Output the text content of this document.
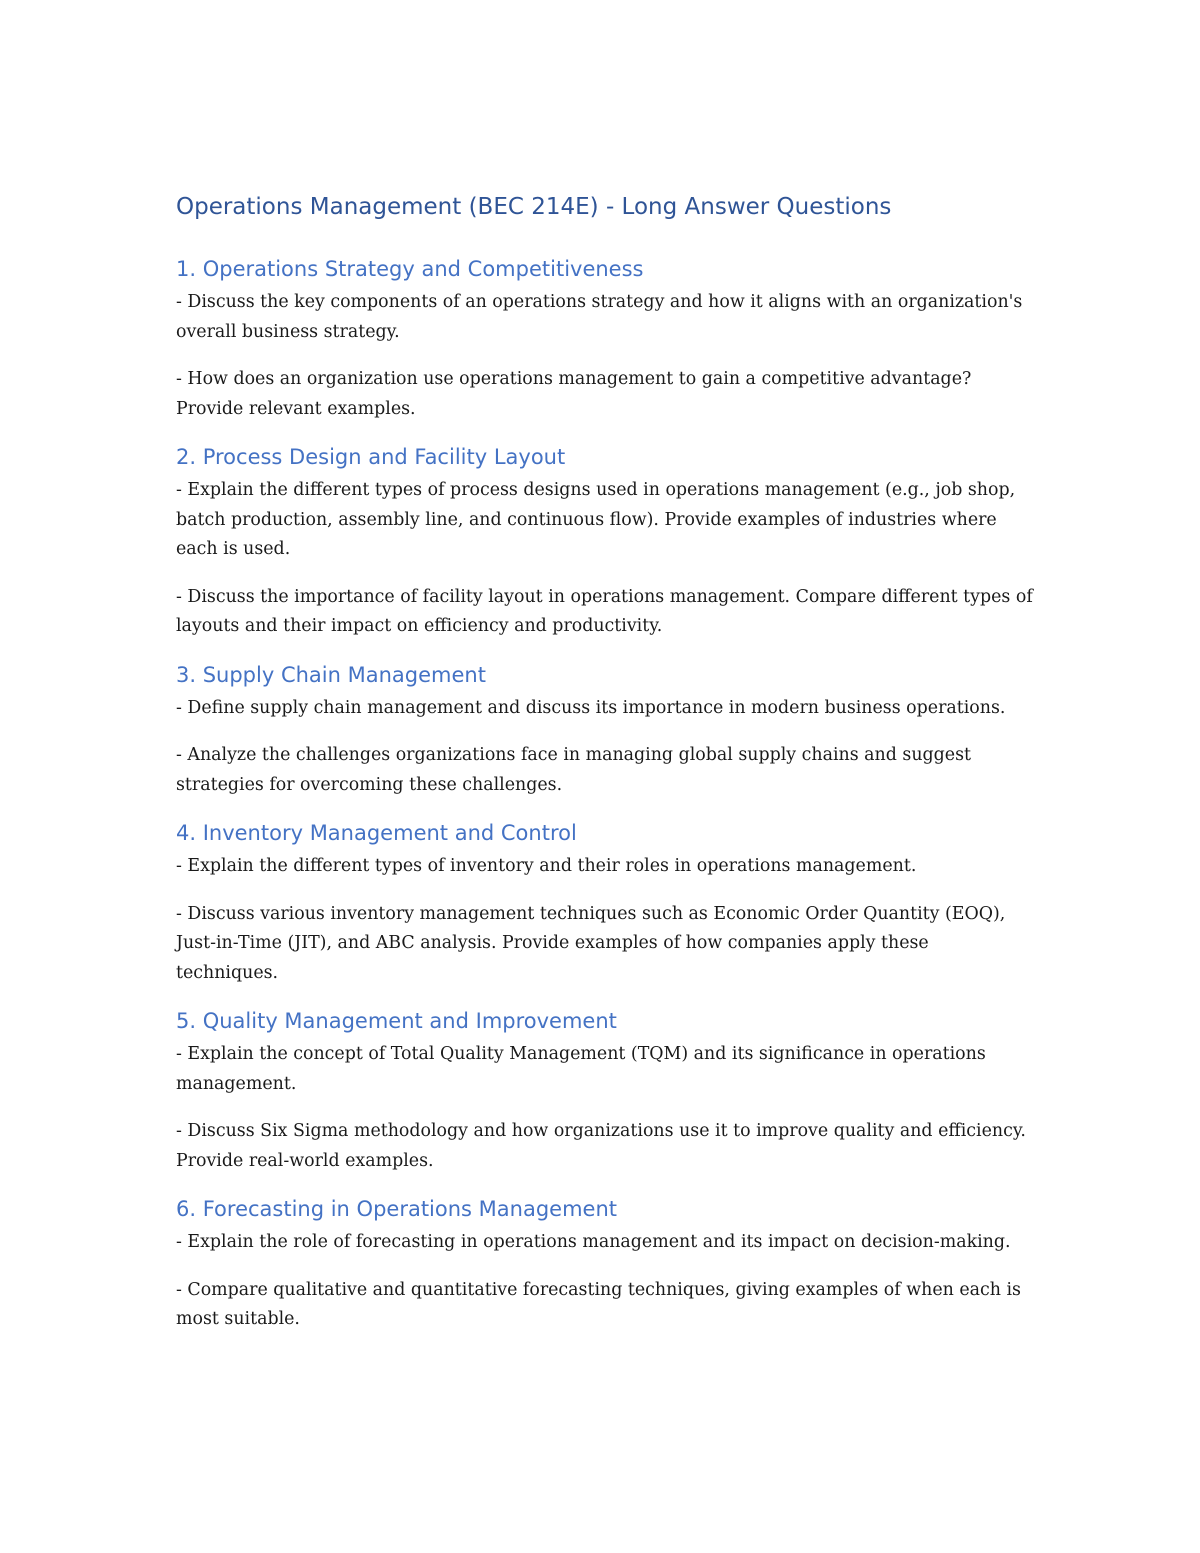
Operations Management (BEC 214E) - Long Answer Questions
1. Operations Strategy and Competitiveness

- Discuss the key components of an operations strategy and how it aligns with an organization's overall business strategy.

- How does an organization use operations management to gain a competitive advantage? Provide relevant examples.

2. Process Design and Facility Layout

- Explain the different types of process designs used in operations management (e.g., job shop, batch production, assembly line, and continuous flow). Provide examples of industries where each is used.

- Discuss the importance of facility layout in operations management. Compare different types of layouts and their impact on efficiency and productivity.

3. Supply Chain Management

- Define supply chain management and discuss its importance in modern business operations.

- Analyze the challenges organizations face in managing global supply chains and suggest strategies for overcoming these challenges.

4. Inventory Management and Control

- Explain the different types of inventory and their roles in operations management.

- Discuss various inventory management techniques such as Economic Order Quantity (EOQ), Just-in-Time (JIT), and ABC analysis. Provide examples of how companies apply these techniques.

5. Quality Management and Improvement

- Explain the concept of Total Quality Management (TQM) and its significance in operations management.

- Discuss Six Sigma methodology and how organizations use it to improve quality and efficiency. Provide real-world examples.

6. Forecasting in Operations Management

- Explain the role of forecasting in operations management and its impact on decision-making.

- Compare qualitative and quantitative forecasting techniques, giving examples of when each is most suitable.
